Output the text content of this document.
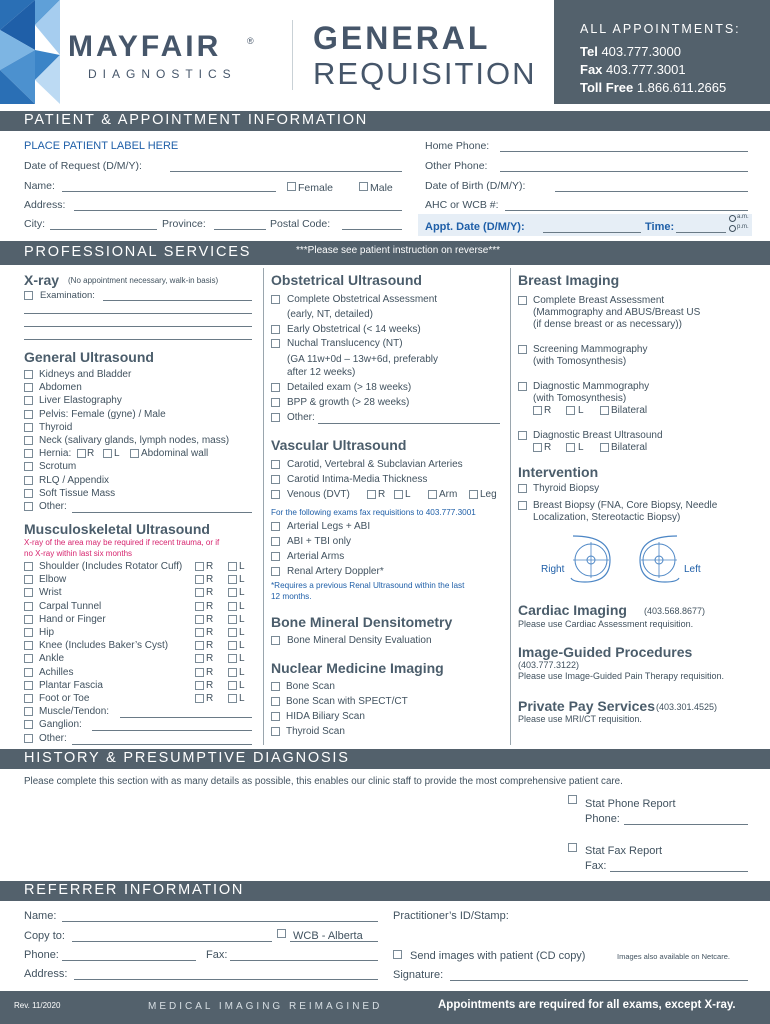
MAYFAIR	®
DIAGNOSTICS
GENERAL
REQUISITION
ALL APPOINTMENTS:
Tel 403.777.3000
Fax 403.777.3001
Toll Free 1.866.611.2665
PATIENT & APPOINTMENT INFORMATION
PLACE PATIENT LABEL HERE
Date of Request (D/M/Y):
Name:	Female	Male
Address:
City:	Province:	Postal Code:
Home Phone:
Other Phone:
Date of Birth (D/M/Y):
AHC or WCB #:
Appt. Date (D/M/Y):	Time:
a.m.
p.m.
PROFESSIONAL SERVICES	***Please see patient instruction on reverse***
X-ray (No appointment necessary, walk-in basis)
Examination:
General Ultrasound
Kidneys and Bladder
Abdomen
Liver Elastography
Pelvis: Female (gyne) / Male
Thyroid
Neck (salivary glands, lymph nodes, mass)
Hernia: R L Abdominal wall
Scrotum
RLQ / Appendix
Soft Tissue Mass
Other:
Musculoskeletal Ultrasound
X-ray of the area may be required if recent trauma, or if
no X-ray within last six months
Shoulder (Includes Rotator Cuff) R	L
Elbow	R	L
Wrist	R	L
Carpal Tunnel	R	L
Hand or Finger	R	L
Hip	R	L
Knee (Includes Baker’s Cyst)	R	L
Ankle	R	L
Achilles	R	L
Plantar Fascia	R	L
Foot or Toe	R	L
Muscle/Tendon:
Ganglion:
Other:
Obstetrical Ultrasound
Complete Obstetrical Assessment
(early, NT, detailed)
Early Obstetrical (< 14 weeks)
Nuchal Translucency (NT)
(GA 11w+0d – 13w+6d, preferably
after 12 weeks)
Detailed exam (> 18 weeks)
BPP & growth (> 28 weeks)
Other:
Vascular Ultrasound
Carotid, Vertebral & Subclavian Arteries
Carotid Intima-Media Thickness
Venous (DVT)	R L	Arm Leg
For the following exams fax requisitions to 403.777.3001
Arterial Legs + ABI
ABI + TBI only
Arterial Arms
Renal Artery Doppler*
*Requires a previous Renal Ultrasound within the last
12 months.
Bone Mineral Densitometry
Bone Mineral Density Evaluation
Nuclear Medicine Imaging
Bone Scan
Bone Scan with SPECT/CT
HIDA Biliary Scan
Thyroid Scan
Breast Imaging
Complete Breast Assessment
(Mammography and ABUS/Breast US
(if dense breast or as necessary))
Screening Mammography
(with Tomosynthesis)
Diagnostic Mammography
(with Tomosynthesis)
Diagnostic Breast Ultrasound
R	L	Bilateral
R	L	Bilateral
Intervention
Thyroid Biopsy
Breast Biopsy (FNA, Core Biopsy, Needle
Localization, Stereotactic Biopsy)
Right	Left
Cardiac Imaging (403.568.8677)
Please use Cardiac Assessment requisition.
Image-Guided Procedures
(403.777.3122)
Please use Image-Guided Pain Therapy requisition.
Private Pay Services (403.301.4525)
Please use MRI/CT requisition.
HISTORY & PRESUMPTIVE DIAGNOSIS
Please complete this section with as many details as possible, this enables our clinic staff to provide the most comprehensive patient care.
Stat Phone Report
Phone:
Stat Fax Report
Fax:
REFERRER INFORMATION
Name:
Copy to:	WCB - Alberta
Phone:	Fax:
Address:
Practitioner’s ID/Stamp:
Send images with patient (CD copy)	Images also available on Netcare.
Signature:
Rev. 11/2020	MEDICAL IMAGING REIMAGINED	Appointments are required for all exams, except X-ray.
